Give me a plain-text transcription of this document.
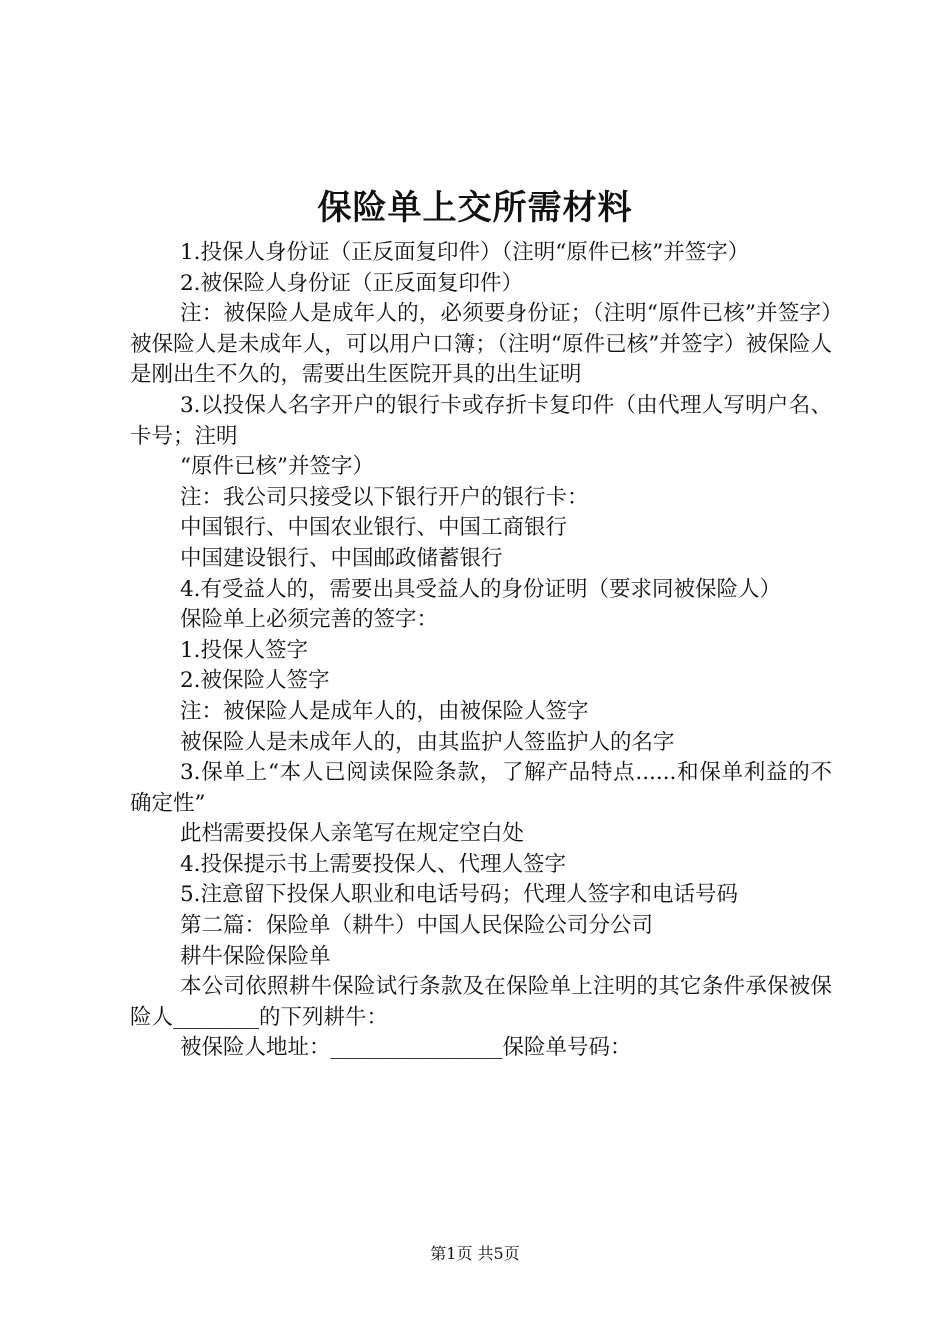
保险单上交所需材料

1.投保人身份证（正反面复印件）（注明“原件已核”并签字）

2.被保险人身份证（正反面复印件）

注：被保险人是成年人的，必须要身份证；（注明“原件已核”并签字）被保险人是未成年人，可以用户口簿；（注明“原件已核”并签字）被保险人是刚出生不久的，需要出生医院开具的出生证明

3.以投保人名字开户的银行卡或存折卡复印件（由代理人写明户名、卡号；注明

“原件已核”并签字）

注：我公司只接受以下银行开户的银行卡：

中国银行、中国农业银行、中国工商银行

中国建设银行、中国邮政储蓄银行

4.有受益人的，需要出具受益人的身份证明（要求同被保险人）

保险单上必须完善的签字：

1.投保人签字

2.被保险人签字

注：被保险人是成年人的，由被保险人签字

被保险人是未成年人的，由其监护人签监护人的名字

3.保单上“本人已阅读保险条款，了解产品特点......和保单利益的不确定性”

此档需要投保人亲笔写在规定空白处

4.投保提示书上需要投保人、代理人签字

5.注意留下投保人职业和电话号码；代理人签字和电话号码

第二篇：保险单（耕牛）中国人民保险公司分公司

耕牛保险保险单

本公司依照耕牛保险试行条款及在保险单上注明的其它条件承保被保险人________的下列耕牛：

被保险人地址：________________保险单号码：

第1页 共5页
